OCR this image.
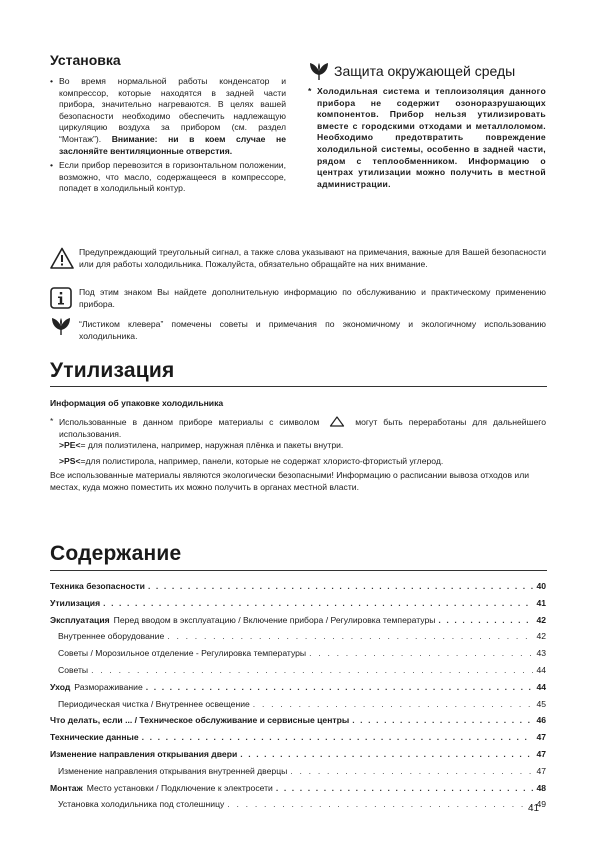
Установка
• Во время нормальной работы конденсатор и компрессор, которые находятся в задней части прибора, значительно нагреваются. В целях вашей безопасности необходимо обеспечить надлежащую циркуляцию воздуха за прибором (см. раздел “Монтаж”). Внимание: ни в коем случае не заслоняйте вентиляционные отверстия.
• Если прибор перевозится в горизонтальном положении, возможно, что масло, содержащееся в компрессоре, попадет в холодильный контур.
Защита окружающей среды
* Холодильная система и теплоизоляция данного прибора не содержит озоноразрушающих компонентов. Прибор нельзя утилизировать вместе с городскими отходами и металлоломом. Необходимо предотвратить повреждение холодильной системы, особенно в задней части, рядом с теплообменником. Информацию о центрах утилизации можно получить в местной администрации.
Предупреждающий треугольный сигнал, а также слова указывают на примечания, важные для Вашей безопасности или для работы холодильника. Пожалуйста, обязательно обращайте на них внимание.
Под этим знаком Вы найдете дополнительную информацию по обслуживанию и практическому применению прибора.
“Листиком клевера” помечены советы и примечания по экономичному и экологичному использованию холодильника.
Утилизация
Информация об упаковке холодильника
* Использованные в данном приборе материалы с символом	могут быть переработаны для дальнейшего использования.
>PE<= для полиэтилена, например, наружная плёнка и пакеты внутри.
>PS<=для полистирола, например, панели, которые не содержат хлористо-фтористый углерод.
Все использованные материалы являются экологически безопасными! Информацию о расписании вывоза отходов или местах, куда можно поместить их можно получить в органах местной власти.
Содержание
Техника безопасности . . .	40
Утилизация . . .	41
Эксплуатация Перед вводом в эксплуатацию / Включение прибора / Регулировка температуры . . .	42
Внутреннее оборудование . . .	42
Советы / Морозильное отделение - Регулировка температуры . . .	43
Советы . . .	44
Уход Размораживание . . .	44
Периодическая чистка / Внутреннее освещение . . .	45
Что делать, если ... / Техническое обслуживание и сервисные центры . . .	46
Технические данные . . .	47
Изменение направления открывания двери . . .	47
Изменение направления открывания внутренней дверцы . . .	47
Монтаж Место установки / Подключение к электросети . . .	48
Установка холодильника под столешницу . . .	49
41
